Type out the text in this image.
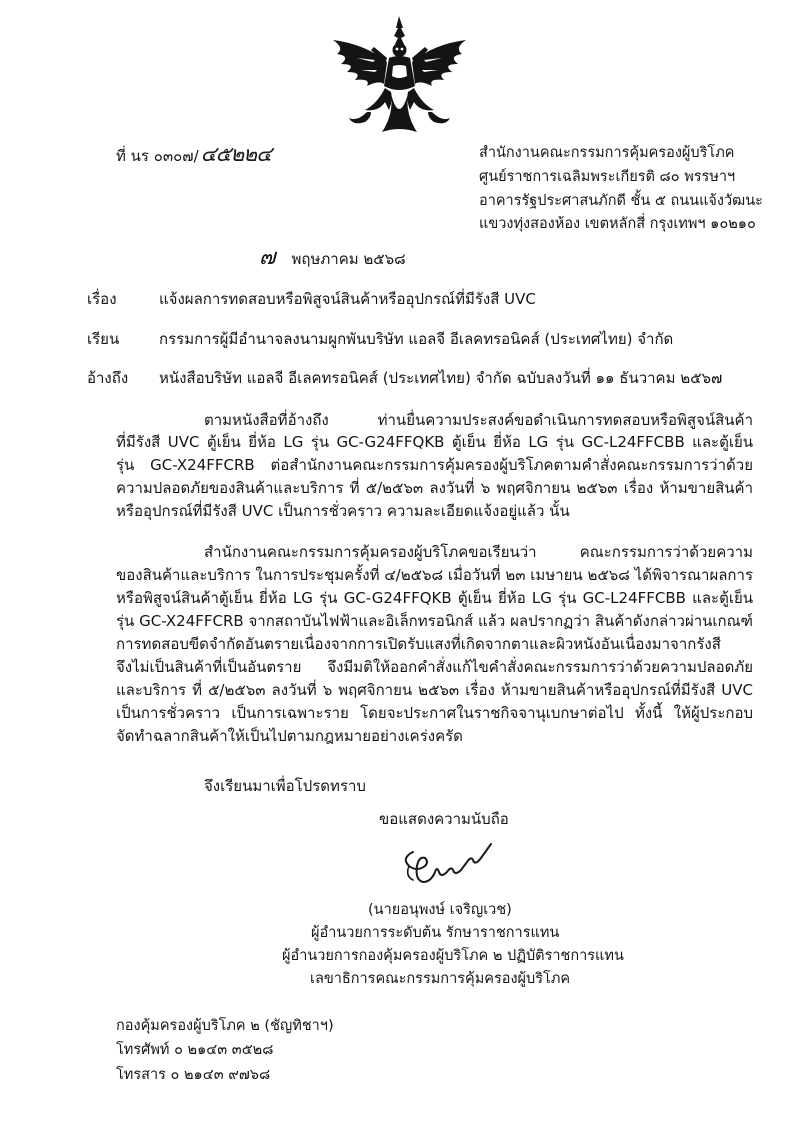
ที่ นร ๐๓๐๗/๔๕๒๒๔	สำนักงานคณะกรรมการคุ้มครองผู้บริโภค
ศูนย์ราชการเฉลิมพระเกียรติ ๘๐ พรรษาฯ
อาคารรัฐประศาสนภักดี ชั้น ๕ ถนนแจ้งวัฒนะ
แขวงทุ่งสองห้อง เขตหลักสี่ กรุงเทพฯ ๑๐๒๑๐
๗ พฤษภาคม ๒๕๖๘
เรื่อง	แจ้งผลการทดสอบหรือพิสูจน์สินค้าหรืออุปกรณ์ที่มีรังสี UVC
เรียน	กรรมการผู้มีอำนาจลงนามผูกพันบริษัท แอลจี อีเลคทรอนิคส์ (ประเทศไทย) จำกัด
อ้างถึง หนังสือบริษัท แอลจี อีเลคทรอนิคส์ (ประเทศไทย) จำกัด ฉบับลงวันที่ ๑๑ ธันวาคม ๒๕๖๗
ตามหนังสือที่อ้างถึง ท่านยื่นความประสงค์ขอดำเนินการทดสอบหรือพิสูจน์สินค้า
ที่มีรังสี UVC ตู้เย็น ยี่ห้อ LG รุ่น GC-G24FFQKB ตู้เย็น ยี่ห้อ LG รุ่น GC-L24FFCBB และตู้เย็น
รุ่น GC-X24FFCRB ต่อสำนักงานคณะกรรมการคุ้มครองผู้บริโภคตามคำสั่งคณะกรรมการว่าด้วย
ความปลอดภัยของสินค้าและบริการ ที่ ๕/๒๕๖๓ ลงวันที่ ๖ พฤศจิกายน ๒๕๖๓ เรื่อง ห้ามขายสินค้า
หรืออุปกรณ์ที่มีรังสี UVC เป็นการชั่วคราว ความละเอียดแจ้งอยู่แล้ว นั้น
สำนักงานคณะกรรมการคุ้มครองผู้บริโภคขอเรียนว่า คณะกรรมการว่าด้วยความ
ของสินค้าและบริการ ในการประชุมครั้งที่ ๔/๒๕๖๘ เมื่อวันที่ ๒๓ เมษายน ๒๕๖๘ ได้พิจารณาผลการ
หรือพิสูจน์สินค้าตู้เย็น ยี่ห้อ LG รุ่น GC-G24FFQKB ตู้เย็น ยี่ห้อ LG รุ่น GC-L24FFCBB และตู้เย็น
รุ่น GC-X24FFCRB จากสถาบันไฟฟ้าและอิเล็กทรอนิกส์ แล้ว ผลปรากฏว่า สินค้าดังกล่าวผ่านเกณฑ์
การทดสอบขีดจำกัดอันตรายเนื่องจากการเปิดรับแสงที่เกิดจากตาและผิวหนังอันเนื่องมาจากรังสี
จึงไม่เป็นสินค้าที่เป็นอันตราย จึงมีมติให้ออกคำสั่งแก้ไขคำสั่งคณะกรรมการว่าด้วยความปลอดภัย
และบริการ ที่ ๕/๒๕๖๓ ลงวันที่ ๖ พฤศจิกายน ๒๕๖๓ เรื่อง ห้ามขายสินค้าหรืออุปกรณ์ที่มีรังสี UVC
เป็นการชั่วคราว เป็นการเฉพาะราย โดยจะประกาศในราชกิจจานุเบกษาต่อไป ทั้งนี้ ให้ผู้ประกอบ
จัดทำฉลากสินค้าให้เป็นไปตามกฎหมายอย่างเคร่งครัด
จึงเรียนมาเพื่อโปรดทราบ
ขอแสดงความนับถือ
(นายอนุพงษ์ เจริญเวช)
ผู้อำนวยการระดับต้น รักษาราชการแทน
ผู้อำนวยการกองคุ้มครองผู้บริโภค ๒ ปฏิบัติราชการแทน
เลขาธิการคณะกรรมการคุ้มครองผู้บริโภค
กองคุ้มครองผู้บริโภค ๒ (ชัญทิชาฯ)
โทรศัพท์ ๐ ๒๑๔๓ ๓๕๒๘
โทรสาร ๐ ๒๑๔๓ ๙๗๖๘
